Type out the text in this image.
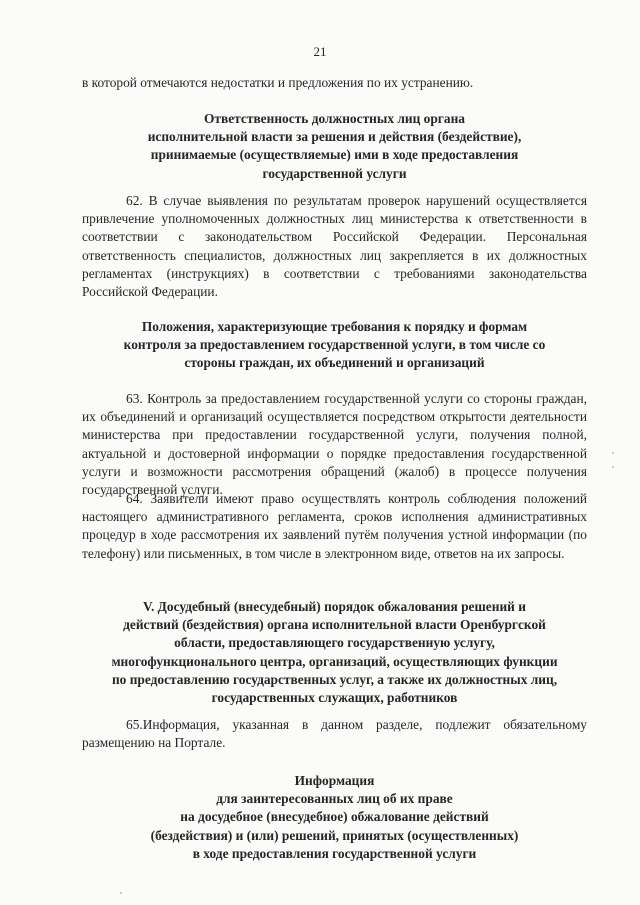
21

в которой отмечаются недостатки и предложения по их устранению.

Ответственность должностных лиц органа
исполнительной власти за решения и действия (бездействие),
принимаемые (осуществляемые) ими в ходе предоставления
государственной услуги

62. В случае выявления по результатам проверок нарушений осуществляется привлечение уполномоченных должностных лиц министерства к ответственности в соответствии с законодательством Российской Федерации. Персональная ответственность специалистов, должностных лиц закрепляется в их должностных регламентах (инструкциях) в соответствии с требованиями законодательства Российской Федерации.

Положения, характеризующие требования к порядку и формам
контроля за предоставлением государственной услуги, в том числе со
стороны граждан, их объединений и организаций

63. Контроль за предоставлением государственной услуги со стороны граждан, их объединений и организаций осуществляется посредством открытости деятельности министерства при предоставлении государственной услуги, получения полной, актуальной и достоверной информации о порядке предоставления государственной услуги и возможности рассмотрения обращений (жалоб) в процессе получения государственной услуги.

64. Заявители имеют право осуществлять контроль соблюдения положений настоящего административного регламента, сроков исполнения административных процедур в ходе рассмотрения их заявлений путём получения устной информации (по телефону) или письменных, в том числе в электронном виде, ответов на их запросы.

V. Досудебный (внесудебный) порядок обжалования решений и
действий (бездействия) органа исполнительной власти Оренбургской
области, предоставляющего государственную услугу,
многофункционального центра, организаций, осуществляющих функции
по предоставлению государственных услуг, а также их должностных лиц,
государственных служащих, работников

65.Информация, указанная в данном разделе, подлежит обязательному размещению на Портале.

Информация
для заинтересованных лиц об их праве
на досудебное (внесудебное) обжалование действий
(бездействия) и (или) решений, принятых (осуществленных)
в ходе предоставления государственной услуги
